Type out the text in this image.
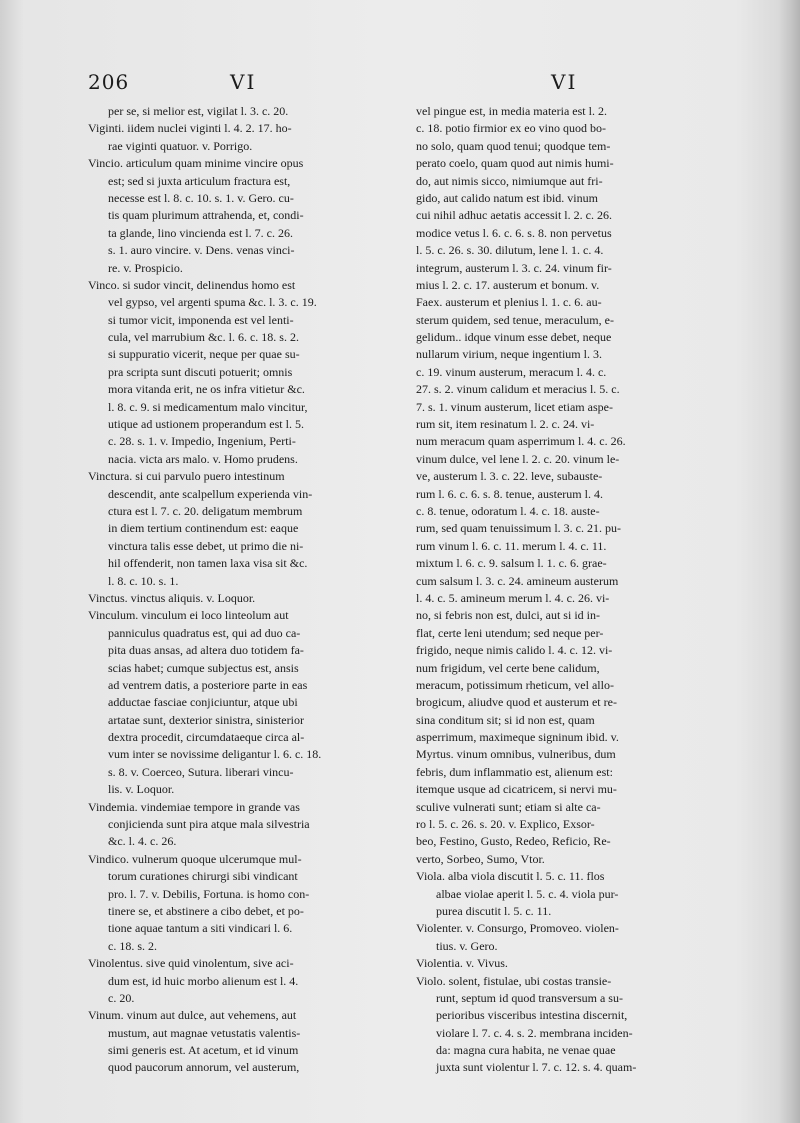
206	VI	VI
per se, si melior est, vigilat l. 3. c. 20.
Viginti. iidem nuclei viginti l. 4. 2. 17. ho-
rae viginti quatuor. v. Porrigo.
Vincio. articulum quam minime vincire opus
est; sed si juxta articulum fractura est,
necesse est l. 8. c. 10. s. 1. v. Gero. cu-
tis quam plurimum attrahenda, et, condi-
ta glande, lino vincienda est l. 7. c. 26.
s. 1. auro vincire. v. Dens. venas vinci-
re. v. Prospicio.
Vinco. si sudor vincit, delinendus homo est
vel gypso, vel argenti spuma &c. l. 3. c. 19.
si tumor vicit, imponenda est vel lenti-
cula, vel marrubium &c. l. 6. c. 18. s. 2.
si suppuratio vicerit, neque per quae su-
pra scripta sunt discuti potuerit; omnis
mora vitanda erit, ne os infra vitietur &c.
l. 8. c. 9. si medicamentum malo vincitur,
utique ad ustionem properandum est l. 5.
c. 28. s. 1. v. Impedio, Ingenium, Perti-
nacia. victa ars malo. v. Homo prudens.
Vinctura. si cui parvulo puero intestinum
descendit, ante scalpellum experienda vin-
ctura est l. 7. c. 20. deligatum membrum
in diem tertium continendum est: eaque
vinctura talis esse debet, ut primo die ni-
hil offenderit, non tamen laxa visa sit &c.
l. 8. c. 10. s. 1.
Vinctus. vinctus aliquis. v. Loquor.
Vinculum. vinculum ei loco linteolum aut
panniculus quadratus est, qui ad duo ca-
pita duas ansas, ad altera duo totidem fa-
scias habet; cumque subjectus est, ansis
ad ventrem datis, a posteriore parte in eas
adductae fasciae conjiciuntur, atque ubi
artatae sunt, dexterior sinistra, sinisterior
dextra procedit, circumdataeque circa al-
vum inter se novissime deligantur l. 6. c. 18.
s. 8. v. Coerceo, Sutura. liberari vincu-
lis. v. Loquor.
Vindemia. vindemiae tempore in grande vas
conjicienda sunt pira atque mala silvestria
&c. l. 4. c. 26.
Vindico. vulnerum quoque ulcerumque mul-
torum curationes chirurgi sibi vindicant
pro. l. 7. v. Debilis, Fortuna. is homo con-
tinere se, et abstinere a cibo debet, et po-
tione aquae tantum a siti vindicari l. 6.
c. 18. s. 2.
Vinolentus. sive quid vinolentum, sive aci-
dum est, id huic morbo alienum est l. 4.
c. 20.
Vinum. vinum aut dulce, aut vehemens, aut
mustum, aut magnae vetustatis valentis-
simi generis est. At acetum, et id vinum
quod paucorum annorum, vel austerum,
vel pingue est, in media materia est l. 2.
c. 18. potio firmior ex eo vino quod bo-
no solo, quam quod tenui; quodque tem-
perato coelo, quam quod aut nimis humi-
do, aut nimis sicco, nimiumque aut fri-
gido, aut calido natum est ibid. vinum
cui nihil adhuc aetatis accessit l. 2. c. 26.
modice vetus l. 6. c. 6. s. 8. non pervetus
l. 5. c. 26. s. 30. dilutum, lene l. 1. c. 4.
integrum, austerum l. 3. c. 24. vinum fir-
mius l. 2. c. 17. austerum et bonum. v.
Faex. austerum et plenius l. 1. c. 6. au-
sterum quidem, sed tenue, meraculum, e-
gelidum.. idque vinum esse debet, neque
nullarum virium, neque ingentium l. 3.
c. 19. vinum austerum, meracum l. 4. c.
27. s. 2. vinum calidum et meracius l. 5. c.
7. s. 1. vinum austerum, licet etiam aspe-
rum sit, item resinatum l. 2. c. 24. vi-
num meracum quam asperrimum l. 4. c. 26.
vinum dulce, vel lene l. 2. c. 20. vinum le-
ve, austerum l. 3. c. 22. leve, subauste-
rum l. 6. c. 6. s. 8. tenue, austerum l. 4.
c. 8. tenue, odoratum l. 4. c. 18. auste-
rum, sed quam tenuissimum l. 3. c. 21. pu-
rum vinum l. 6. c. 11. merum l. 4. c. 11.
mixtum l. 6. c. 9. salsum l. 1. c. 6. grae-
cum salsum l. 3. c. 24. amineum austerum
l. 4. c. 5. amineum merum l. 4. c. 26. vi-
no, si febris non est, dulci, aut si id in-
flat, certe leni utendum; sed neque per-
frigido, neque nimis calido l. 4. c. 12. vi-
num frigidum, vel certe bene calidum,
meracum, potissimum rheticum, vel allo-
brogicum, aliudve quod et austerum et re-
sina conditum sit; si id non est, quam
asperrimum, maximeque signinum ibid. v.
Myrtus. vinum omnibus, vulneribus, dum
febris, dum inflammatio est, alienum est:
itemque usque ad cicatricem, si nervi mu-
sculive vulnerati sunt; etiam si alte ca-
ro l. 5. c. 26. s. 20. v. Explico, Exsor-
beo, Festino, Gusto, Redeo, Reficio, Re-
verto, Sorbeo, Sumo, Vtor.
Viola. alba viola discutit l. 5. c. 11. flos
albae violae aperit l. 5. c. 4. viola pur-
purea discutit l. 5. c. 11.
Violenter. v. Consurgo, Promoveo. violen-
tius. v. Gero.
Violentia. v. Vivus.
Violo. solent, fistulae, ubi costas transie-
runt, septum id quod transversum a su-
perioribus visceribus intestina discernit,
violare l. 7. c. 4. s. 2. membrana inciden-
da: magna cura habita, ne venae quae
juxta sunt violentur l. 7. c. 12. s. 4. quam-
